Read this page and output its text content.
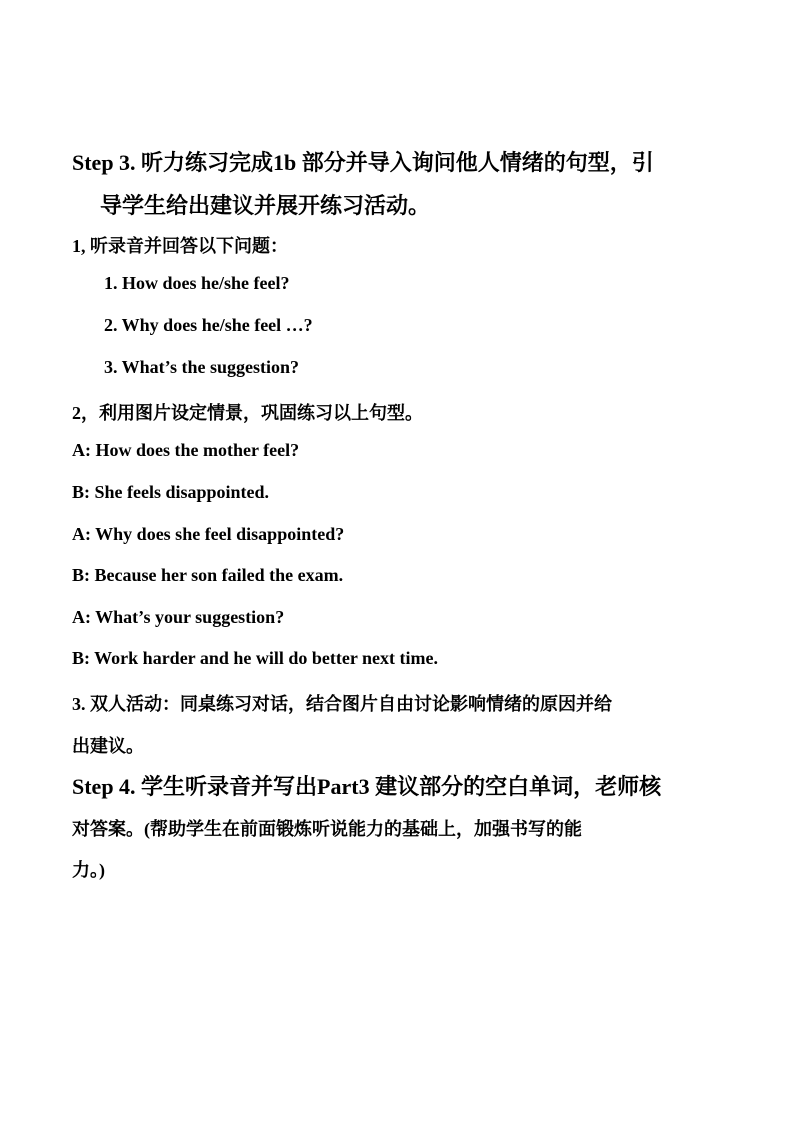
Step 3. 听力练习完成1b 部分并导入询问他人情绪的句型，引
导学生给出建议并展开练习活动。
1, 听录音并回答以下问题：
1. How does he/she feel?
2. Why does he/she feel …?
3. What’s the suggestion?
2，利用图片设定情景，巩固练习以上句型。
A: How does the mother feel?
B: She feels disappointed.
A: Why does she feel disappointed?
B: Because her son failed the exam.
A: What’s your suggestion?
B: Work harder and he will do better next time.
3. 双人活动：同桌练习对话，结合图片自由讨论影响情绪的原因并给
出建议。
Step 4. 学生听录音并写出Part3 建议部分的空白单词，老师核
对答案。(帮助学生在前面锻炼听说能力的基础上，加强书写的能
力。)
